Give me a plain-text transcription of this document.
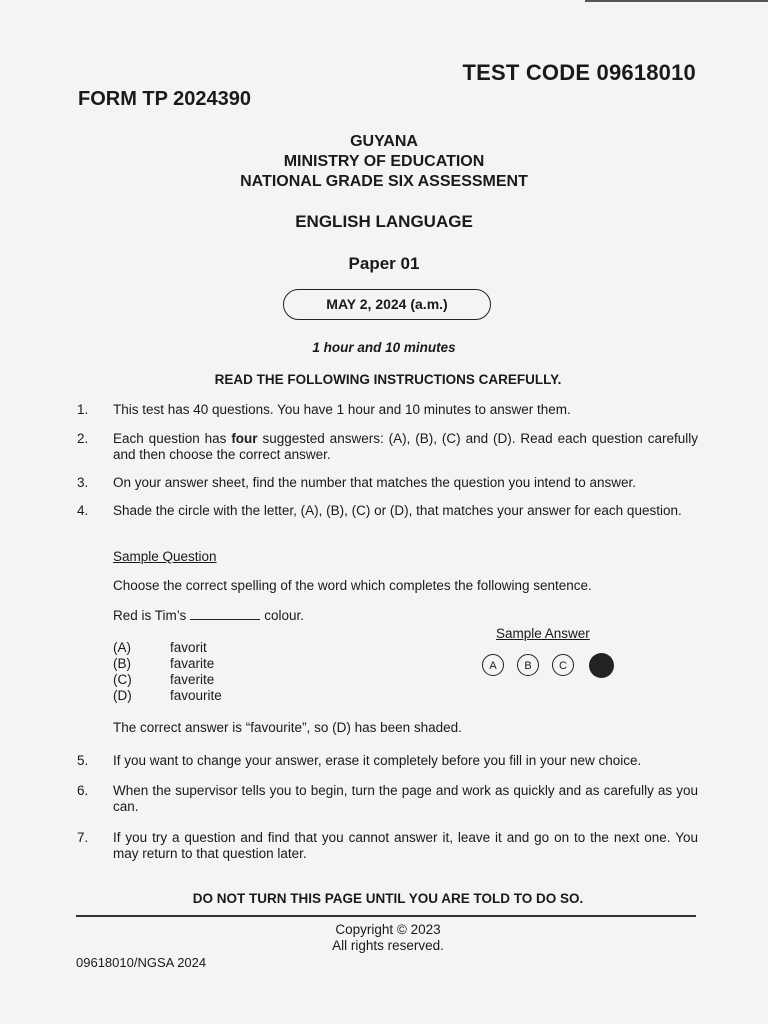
TEST CODE 09618010
FORM TP 2024390
GUYANA
MINISTRY OF EDUCATION
NATIONAL GRADE SIX ASSESSMENT
ENGLISH LANGUAGE
Paper 01
MAY 2, 2024 (a.m.)
1 hour and 10 minutes
READ THE FOLLOWING INSTRUCTIONS CAREFULLY.
1.	This test has 40 questions. You have 1 hour and 10 minutes to answer them.
2.	Each question has four suggested answers: (A), (B), (C) and (D). Read each question carefully and then choose the correct answer.
3.	On your answer sheet, find the number that matches the question you intend to answer.
4.	Shade the circle with the letter, (A), (B), (C) or (D), that matches your answer for each question.
Sample Question
Choose the correct spelling of the word which completes the following sentence.
Red is Tim’s	colour.
(A)	favorit
(B)	favarite
(C)	faverite
(D)	favourite
Sample Answer
A	B	C
The correct answer is “favourite”, so (D) has been shaded.
5.	If you want to change your answer, erase it completely before you fill in your new choice.
6.	When the supervisor tells you to begin, turn the page and work as quickly and as carefully as you can.
7.	If you try a question and find that you cannot answer it, leave it and go on to the next one. You may return to that question later.
DO NOT TURN THIS PAGE UNTIL YOU ARE TOLD TO DO SO.
Copyright © 2023
All rights reserved.
09618010/NGSA 2024
